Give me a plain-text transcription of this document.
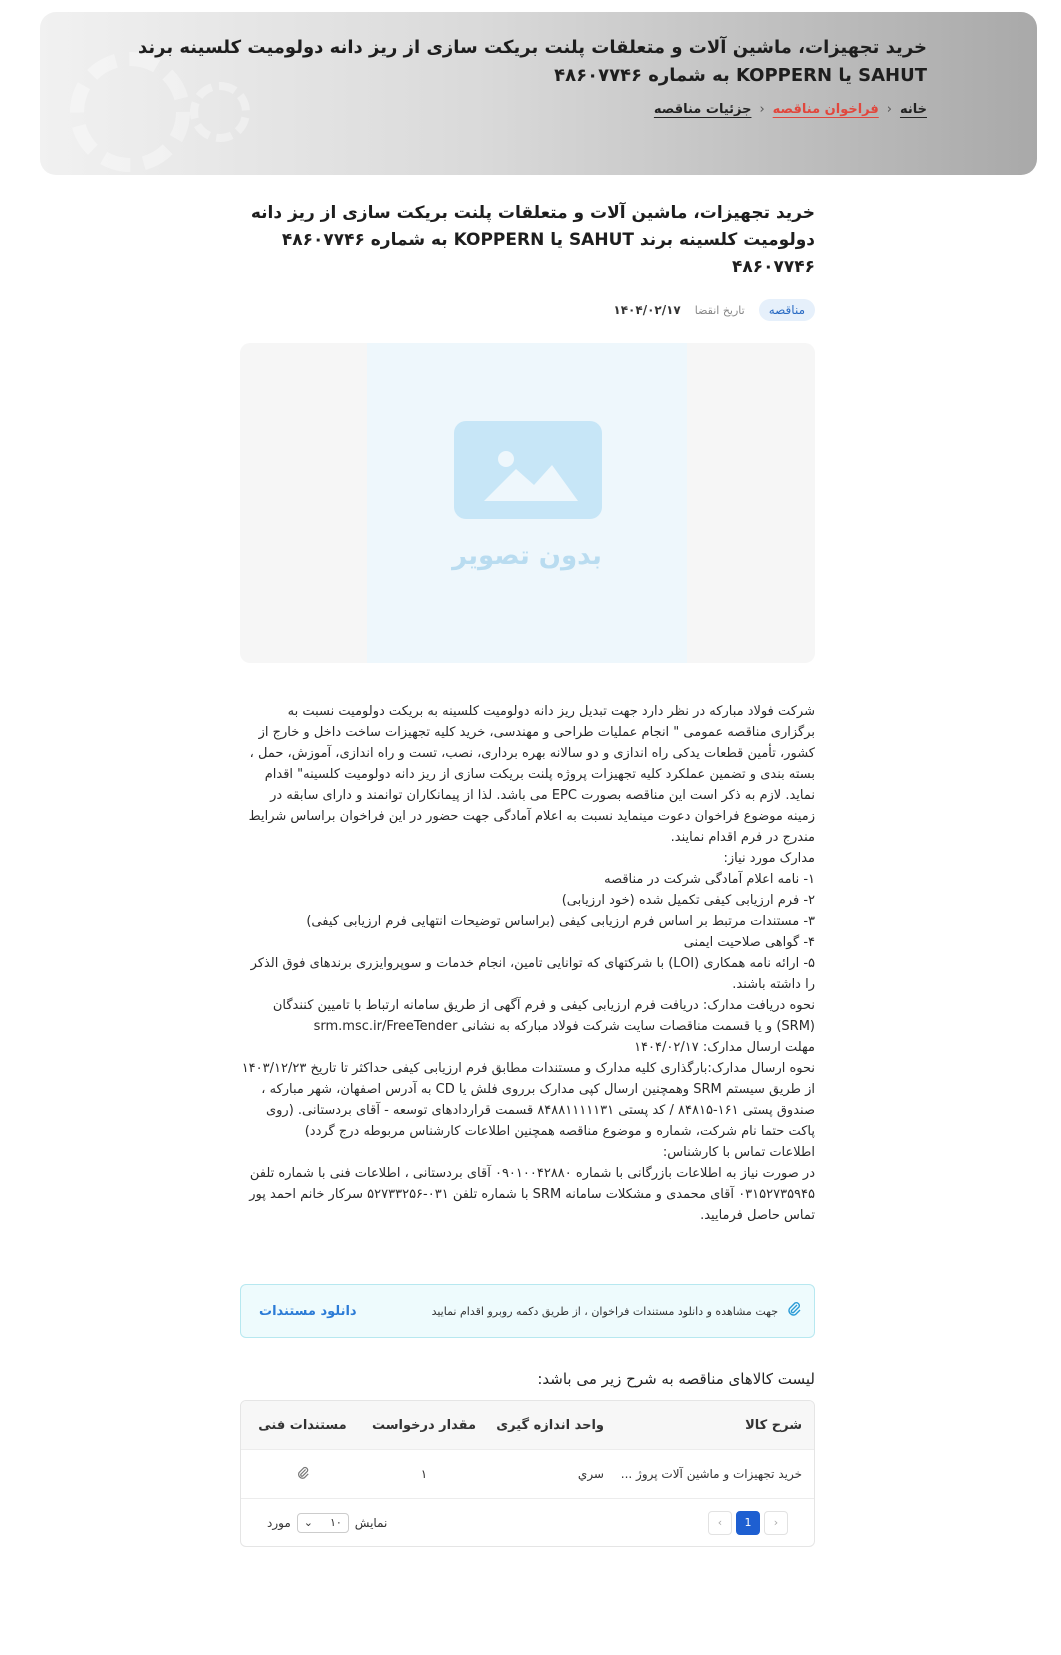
خرید تجهیزات، ماشین آلات و متعلقات پلنت بریکت سازی از ریز دانه دولومیت کلسینه برند SAHUT یا KOPPERN به شماره ۴۸۶۰۷۷۴۶
خانه
‹
فراخوان مناقصه
‹
جزئیات مناقصه
خرید تجهیزات، ماشین آلات و متعلقات پلنت بریکت سازی از ریز دانه دولومیت کلسینه برند SAHUT یا KOPPERN به شماره ۴۸۶۰۷۷۴۶ ۴۸۶۰۷۷۴۶
مناقصه
تاریخ انقضا
۱۴۰۴/۰۲/۱۷
بدون تصویر

شرکت فولاد مبارکه در نظر دارد جهت تبدیل ریز دانه دولومیت کلسینه به بریکت دولومیت نسبت به برگزاری مناقصه عمومی " انجام عملیات طراحی و مهندسی، خرید کلیه تجهیزات ساخت داخل و خارج از کشور، تأمین قطعات یدکی راه اندازی و دو سالانه بهره برداری، نصب، تست و راه اندازی، آموزش، حمل ، بسته بندی و تضمین عملکرد کلیه تجهیزات پروژه پلنت بریکت سازی از ریز دانه دولومیت کلسینه" اقدام نماید. لازم به ذکر است این مناقصه بصورت EPC می باشد. لذا از پیمانکاران توانمند و دارای سابقه در زمینه موضوع فراخوان دعوت مینماید نسبت به اعلام آمادگی جهت حضور در این فراخوان براساس شرایط مندرج در فرم اقدام نمایند.

مدارک مورد نیاز:

۱- نامه اعلام آمادگی شرکت در مناقصه

۲- فرم ارزیابی کیفی تکمیل شده (خود ارزیابی)

۳- مستندات مرتبط بر اساس فرم ارزیابی کیفی (براساس توضیحات انتهایی فرم ارزیابی کیفی)

۴- گواهی صلاحیت ایمنی

۵- ارائه نامه همکاری (LOI) با شرکتهای که توانایی تامین، انجام خدمات و سوپروایزری برندهای فوق الذکر را داشته باشند.

نحوه دریافت مدارک: دریافت فرم ارزیابی کیفی و فرم آگهی از طریق سامانه ارتباط با تامیین کنندگان (SRM) و یا قسمت مناقصات سایت شرکت فولاد مبارکه به نشانی srm.msc.ir/FreeTender

مهلت ارسال مدارک: ۱۴۰۴/۰۲/۱۷

نحوه ارسال مدارک:بارگذاری کلیه مدارک و مستندات مطابق فرم ارزیابی کیفی حداکثر تا تاریخ ۱۴۰۳/۱۲/۲۳ از طریق سیستم SRM وهمچنین ارسال کپی مدارک برروی فلش یا CD به آدرس اصفهان، شهر مبارکه ، صندوق پستی ۱۶۱-۸۴۸۱۵ / کد پستی ۸۴۸۸۱۱۱۱۱۳۱ قسمت قراردادهای توسعه - آقای بردستانی. (روی پاکت حتما نام شرکت، شماره و موضوع مناقصه همچنین اطلاعات کارشناس مربوطه درج گردد)

اطلاعات تماس با کارشناس:

در صورت نیاز به اطلاعات بازرگانی با شماره ۰۹۰۱۰۰۴۲۸۸۰ آقای بردستانی ، اطلاعات فنی با شماره تلفن ۰۳۱۵۲۷۳۵۹۴۵ آقای محمدی و مشکلات سامانه SRM با شماره تلفن ۰۳۱-۵۲۷۳۳۲۵۶ سرکار خانم احمد پور تماس حاصل فرمایید.

جهت مشاهده و دانلود مستندات فراخوان ، از طریق دکمه روبرو اقدام نمایید
دانلود مستندات
لیست کالاهای مناقصه به شرح زیر می باشد:
شرح کالا
واحد اندازه گیری
مقدار درخواست
مستندات فنی
خرید تجهیزات و ماشین آلات پروژ ...
سري
۱
‹	1	›
نمایش
۱۰
⌄
مورد
